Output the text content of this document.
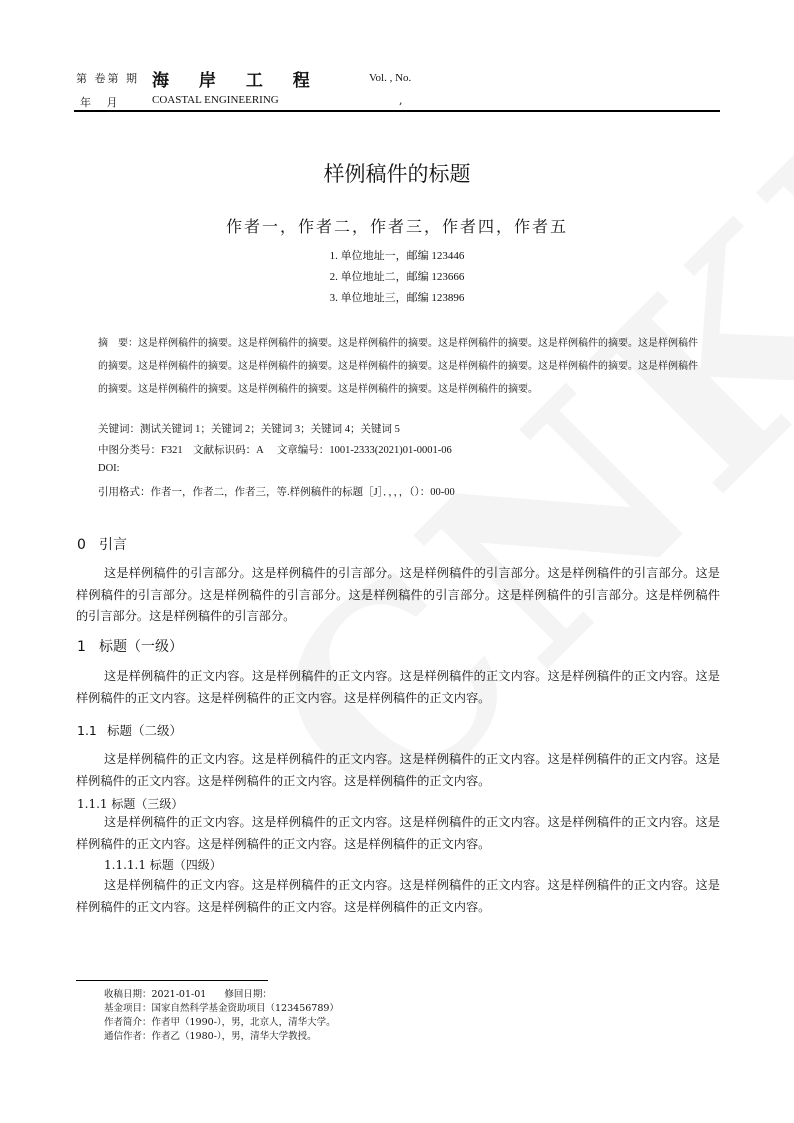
第 卷第 期 海 岸 工 程	Vol. , No.
年 月	COASTAL ENGINEERING	,
样例稿件的标题
作者一，作者二，作者三，作者四，作者五
1. 单位地址一，邮编 123446
2. 单位地址二，邮编 123666
3. 单位地址三，邮编 123896
摘　要：这是样例稿件的摘要。这是样例稿件的摘要。这是样例稿件的摘要。这是样例稿件的摘要。这是样例稿件的摘要。这是样例稿件的摘要。这是样例稿件的摘要。这是样例稿件的摘要。这是样例稿件的摘要。这是样例稿件的摘要。这是样例稿件的摘要。这是样例稿件的摘要。这是样例稿件的摘要。这是样例稿件的摘要。这是样例稿件的摘要。这是样例稿件的摘要。
关键词：测试关键词 1；关键词 2；关键词 3；关键词 4；关键词 5
中图分类号：F321 文献标识码：A 文章编号：1001-2333(2021)01-0001-06
DOI:
引用格式：作者一，作者二，作者三，等.样例稿件的标题［J］．，，，（）：00-00
0 引言
这是样例稿件的引言部分。这是样例稿件的引言部分。这是样例稿件的引言部分。这是样例稿件的引言部分。这是样例稿件的引言部分。这是样例稿件的引言部分。这是样例稿件的引言部分。这是样例稿件的引言部分。这是样例稿件的引言部分。这是样例稿件的引言部分。
1 标题（一级）
这是样例稿件的正文内容。这是样例稿件的正文内容。这是样例稿件的正文内容。这是样例稿件的正文内容。这是样例稿件的正文内容。这是样例稿件的正文内容。这是样例稿件的正文内容。
1.1 标题（二级）
这是样例稿件的正文内容。这是样例稿件的正文内容。这是样例稿件的正文内容。这是样例稿件的正文内容。这是样例稿件的正文内容。这是样例稿件的正文内容。这是样例稿件的正文内容。
1.1.1 标题（三级）
这是样例稿件的正文内容。这是样例稿件的正文内容。这是样例稿件的正文内容。这是样例稿件的正文内容。这是样例稿件的正文内容。这是样例稿件的正文内容。这是样例稿件的正文内容。
1.1.1.1 标题（四级）
这是样例稿件的正文内容。这是样例稿件的正文内容。这是样例稿件的正文内容。这是样例稿件的正文内容。这是样例稿件的正文内容。这是样例稿件的正文内容。这是样例稿件的正文内容。
收稿日期：2021-01-01 修回日期：
基金项目：国家自然科学基金资助项目（123456789）
作者简介：作者甲（1990-），男，北京人，清华大学。
通信作者：作者乙（1980-），男，清华大学教授。
